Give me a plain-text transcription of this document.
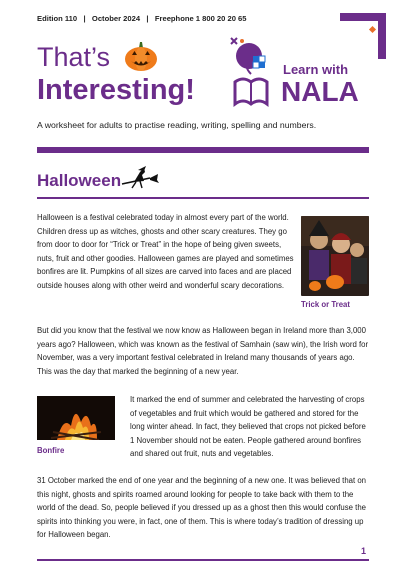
Edition 110   |   October 2024   |   Freephone 1 800 20 20 65
That’s
Interesting!
Learn with
NALA
A worksheet for adults to practise reading, writing, spelling and numbers.
Halloween
Halloween is a festival celebrated today in almost every part of the world. Children dress up as witches, ghosts and other scary creatures. They go from door to door for “Trick or Treat” in the hope of being given sweets, nuts, fruit and other goodies. Halloween games are played and sometimes bonfires are lit. Pumpkins of all sizes are carved into faces and are placed outside houses along with other weird and wonderful scary decorations.
Trick or Treat
But did you know that the festival we now know as Halloween began in Ireland more than 3,000 years ago? Halloween, which was known as the festival of Samhain (saw win), the Irish word for November, was a very important festival celebrated in Ireland many thousands of years ago. This was the day that marked the beginning of a new year.
Bonfire
It marked the end of summer and celebrated the harvesting of crops of vegetables and fruit which would be gathered and stored for the long winter ahead. In fact, they believed that crops not picked before 1 November should not be eaten. People gathered around bonfires and shared out fruit, nuts and vegetables.
31 October marked the end of one year and the beginning of a new one. It was believed that on this night, ghosts and spirits roamed around looking for people to take back with them to the world of the dead. So, people believed if you dressed up as a ghost then this would confuse the spirits into thinking you were, in fact, one of them. This is where today’s tradition of dressing up for Halloween began.
1
